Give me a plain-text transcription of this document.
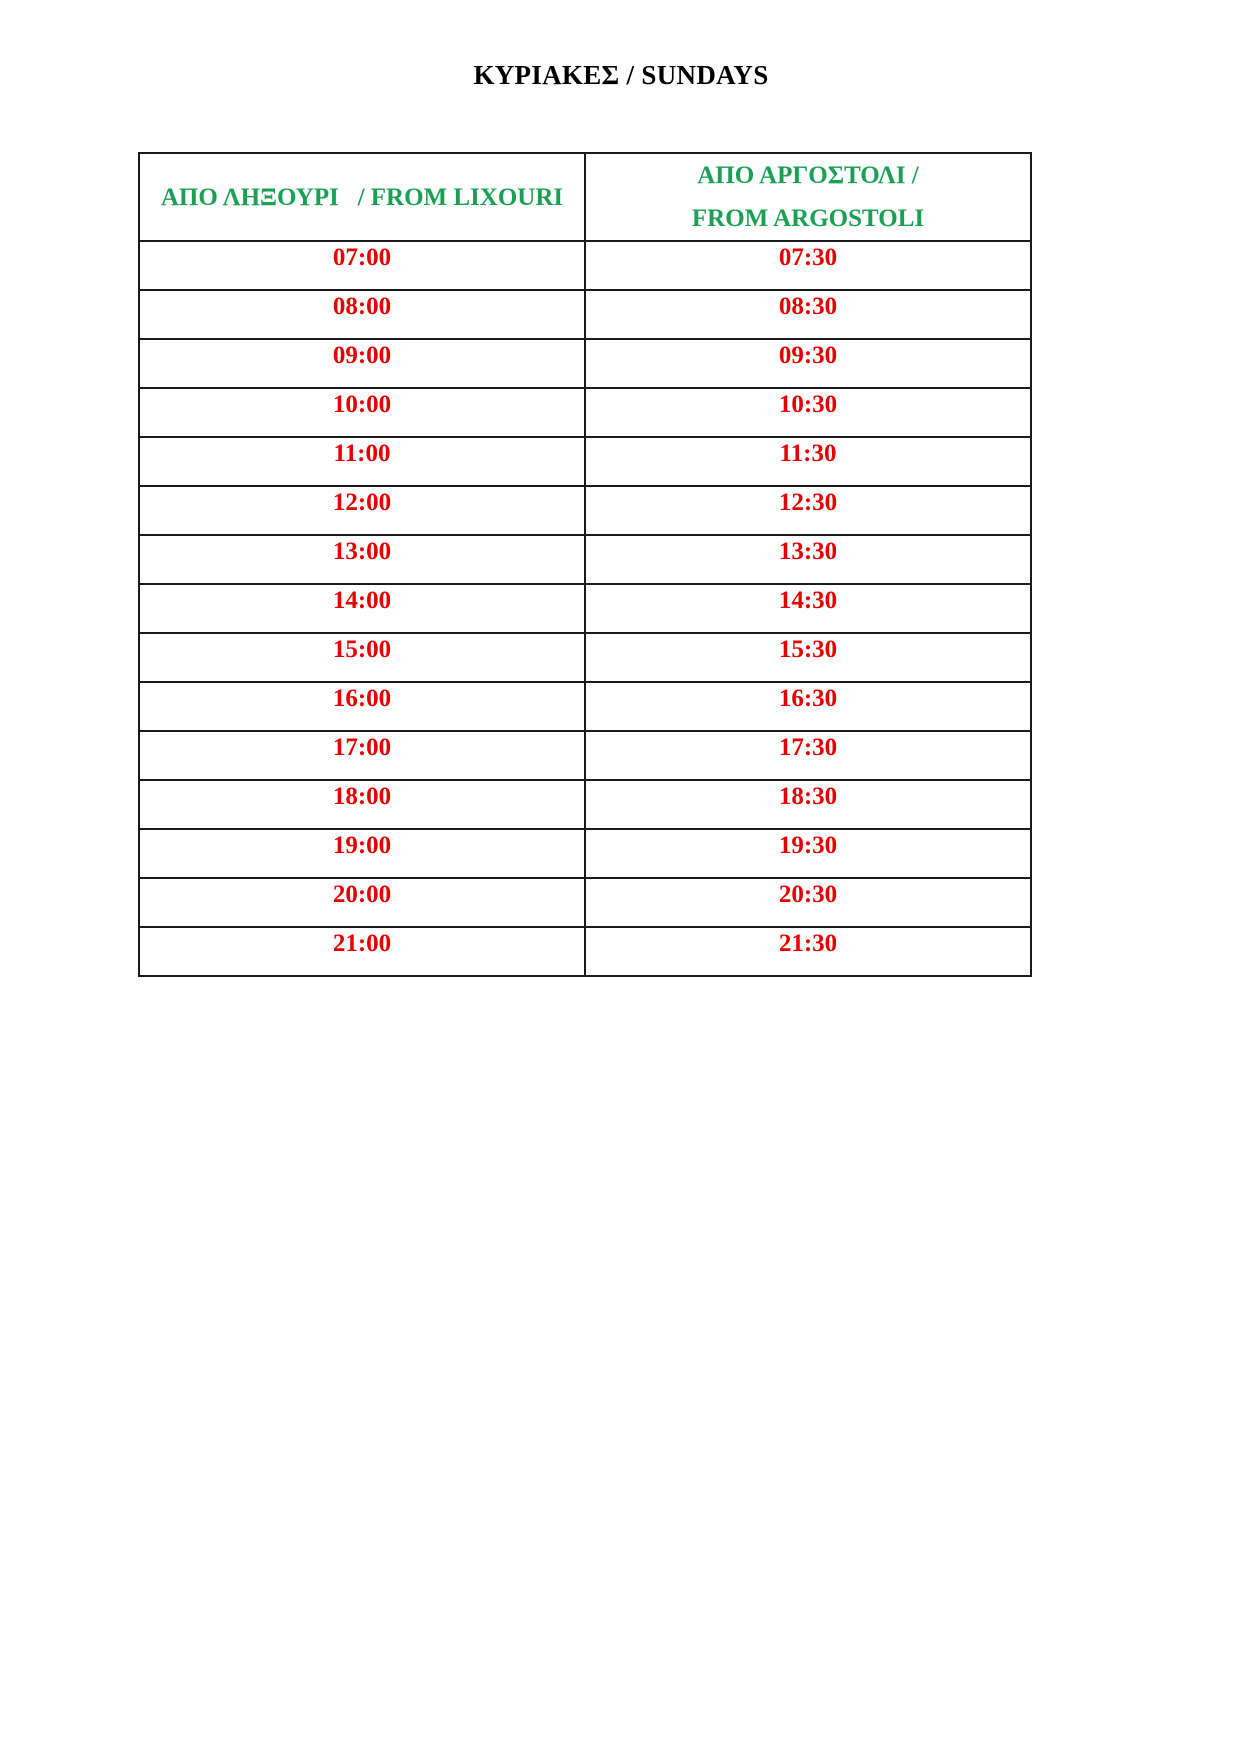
ΚΥΡΙΑΚΕΣ / SUNDAYS
ΑΠΟ ΛΗΞΟΥΡΙ   / FROM LIXOURI	ΑΠΟ ΑΡΓΟΣΤΟΛΙ / FROM ARGOSTOLI
07:00	07:30
08:00	08:30
09:00	09:30
10:00	10:30
11:00	11:30
12:00	12:30
13:00	13:30
14:00	14:30
15:00	15:30
16:00	16:30
17:00	17:30
18:00	18:30
19:00	19:30
20:00	20:30
21:00	21:30
